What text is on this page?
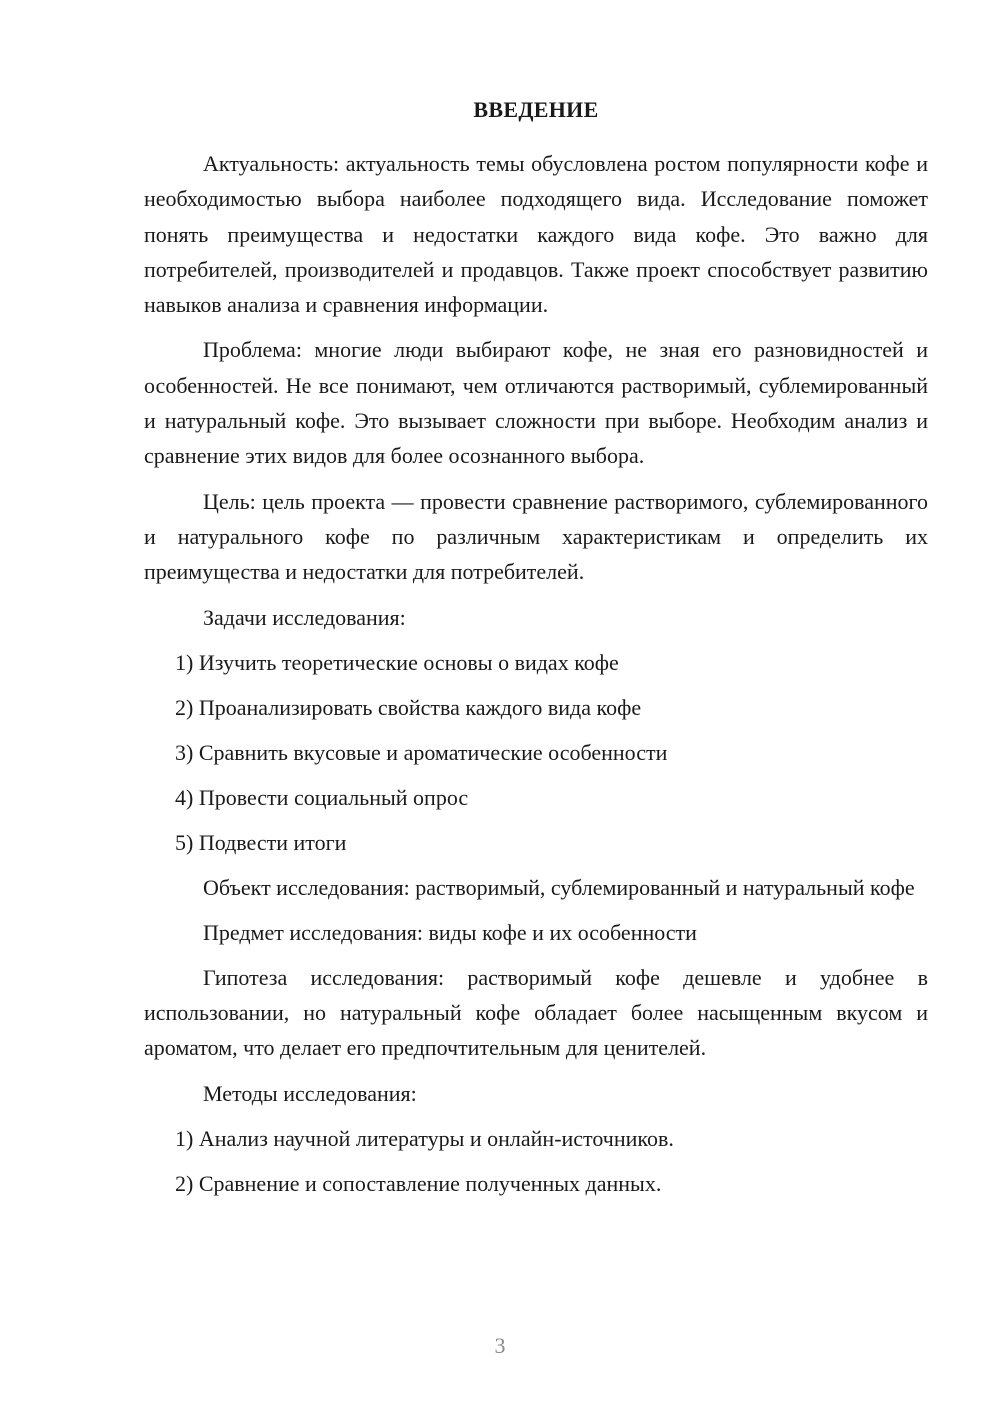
ВВЕДЕНИЕ

Актуальность: актуальность темы обусловлена ростом популярности кофе и необходимостью выбора наиболее подходящего вида. Исследование поможет понять преимущества и недостатки каждого вида кофе. Это важно для потребителей, производителей и продавцов. Также проект способствует развитию навыков анализа и сравнения информации.

Проблема: многие люди выбирают кофе, не зная его разновидностей и особенностей. Не все понимают, чем отличаются растворимый, сублемированный и натуральный кофе. Это вызывает сложности при выборе. Необходим анализ и сравнение этих видов для более осознанного выбора.

Цель: цель проекта — провести сравнение растворимого, сублемированного и натурального кофе по различным характеристикам и определить их преимущества и недостатки для потребителей.

Задачи исследования:
1) Изучить теоретические основы о видах кофе
2) Проанализировать свойства каждого вида кофе
3) Сравнить вкусовые и ароматические особенности
4) Провести социальный опрос
5) Подвести итоги

Объект исследования: растворимый, сублемированный и натуральный кофе

Предмет исследования: виды кофе и их особенности

Гипотеза исследования: растворимый кофе дешевле и удобнее в использовании, но натуральный кофе обладает более насыщенным вкусом и ароматом, что делает его предпочтительным для ценителей.

Методы исследования:
1) Анализ научной литературы и онлайн-источников.
2) Сравнение и сопоставление полученных данных.
3
